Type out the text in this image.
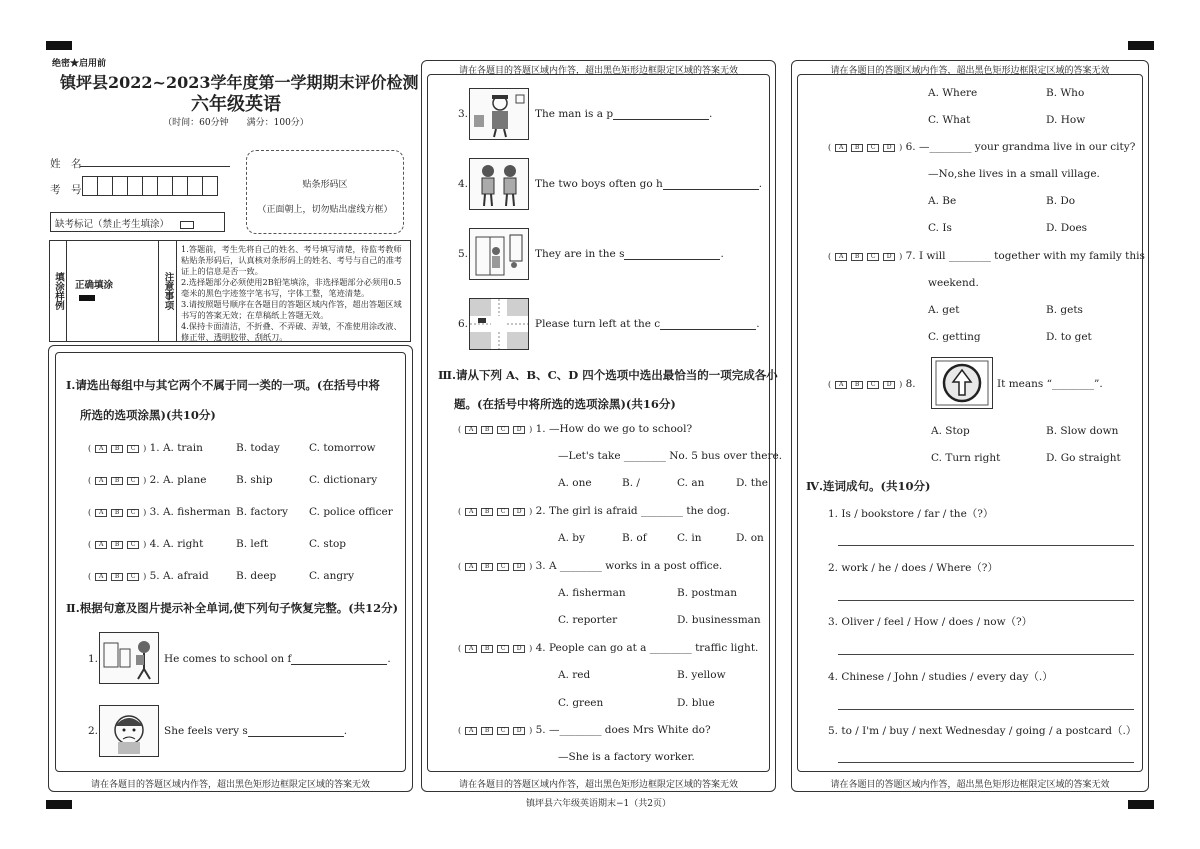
绝密★启用前
镇坪县2022~2023学年度第一学期期末评价检测
六年级英语
（时间：60分钟　　满分：100分）
姓　名
考　号	贴条形码区
（正面朝上，切勿贴出虚线方框）
缺考标记（禁止考生填涂）
填涂样例	正确填涂	注意事项
1.答题前，考生先将自己的姓名、考号填写清楚，待监考教师粘贴条形码后，认真核对条形码上的姓名、考号与自己的准考证上的信息是否一致。
2.选择题部分必须使用2B铅笔填涂，非选择题部分必须用0.5毫米的黑色字迹签字笔书写，字体工整，笔迹清楚。
3.请按照题号顺序在各题目的答题区域内作答，超出答题区域书写的答案无效；在草稿纸上答题无效。
4.保持卡面清洁，不折叠、不弄破、弄皱，不准使用涂改液、修正带、透明胶带、刮纸刀。
请在各题目的答题区域内作答，超出黑色矩形边框限定区域的答案无效
Ⅰ.请选出每组中与其它两个不属于同一类的一项。(在括号中将
所选的选项涂黑)(共10分)
(	A	B	C ) 1. A. train	B. today	C. tomorrow
(	A	B	C ) 2. A. plane	B. ship	C. dictionary
(	A	B	C ) 3. A. fisherman B. factory C. police officer
(	A	B	C ) 4. A. right	B. left	C. stop
(	A	B	C ) 5. A. afraid	B. deep	C. angry
Ⅱ.根据句意及图片提示补全单词,使下列句子恢复完整。(共12分)
1.	He comes to school on f	.
2.	She feels very s	.
请在各题目的答题区域内作答，超出黑色矩形边框限定区域的答案无效
请在各题目的答题区域内作答，超出黑色矩形边框限定区域的答案无效
镇坪县六年级英语期末−1（共2页）
3.	The man is a p	.
4.	The two boys often go h	.
5.	They are in the s	.
6.	Please turn left at the c	.
Ⅲ.请从下列 A、B、C、D 四个选项中选出最恰当的一项完成各小
题。(在括号中将所选的选项涂黑)(共16分)
(	A	B	C	D ) 1. —How do we go to school?
—Let's take ________ No. 5 bus over there.
A. one	B. /	C. an	D. the
(	A	B	C	D ) 2. The girl is afraid ________ the dog.
A. by	B. of	C. in	D. on
(	A	B	C	D ) 3. A ________ works in a post office.
A. fisherman	B. postman
C. reporter	D. businessman
(	A	B	C	D ) 4. People can go at a ________ traffic light.
A. red	B. yellow
C. green	D. blue
(	A	B	C	D ) 5. —________ does Mrs White do?
—She is a factory worker.
请在各题目的答题区域内作答，超出黑色矩形边框限定区域的答案无效
请在各题目的答题区域内作答，超出黑色矩形边框限定区域的答案无效
A. Where	B. Who
C. What	D. How
(	A	B	C	D ) 6. —________ your grandma live in our city?
—No,she lives in a small village.
A. Be	B. Do
C. Is	D. Does
(	A	B	C	D ) 7. I will ________ together with my family this
weekend.
A. get	B. gets
C. getting	D. to get
(	A	B	C	D ) 8.	It means “________”.
A. Stop	B. Slow down
C. Turn right	D. Go straight
Ⅳ.连词成句。(共10分)
1. Is / bookstore / far / the（?）
2. work / he / does / Where（?）
3. Oliver / feel / How / does / now（?）
4. Chinese / John / studies / every day（.）
5. to / I'm / buy / next Wednesday / going / a postcard（.）
